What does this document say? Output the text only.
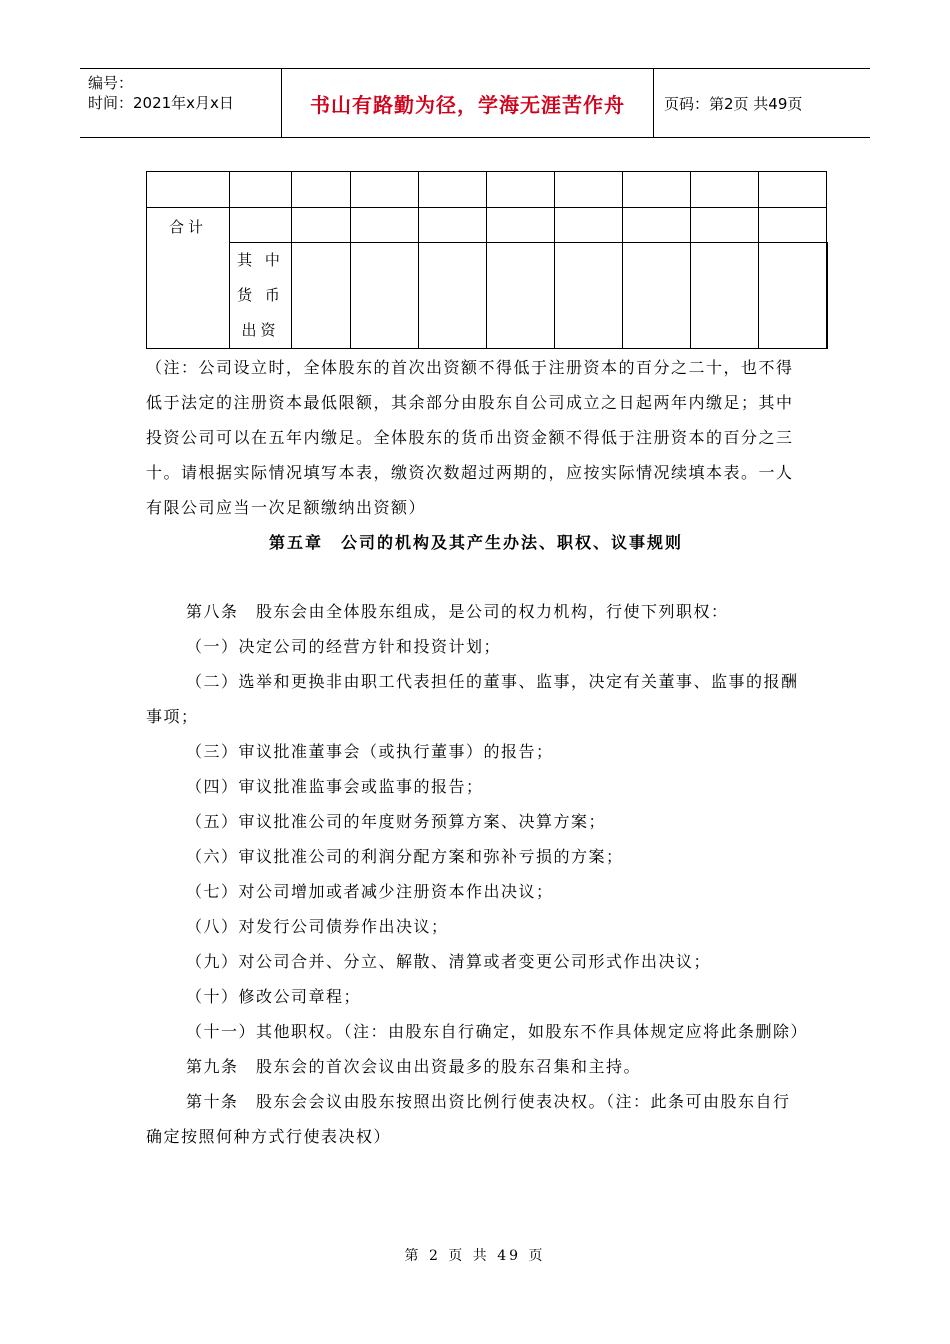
编号：
时间：2021年x月x日	书山有路勤为径，学海无涯苦作舟	页码：第2页 共49页

合计										

	其 中
货 币
出资									

（注：公司设立时，全体股东的首次出资额不得低于注册资本的百分之二十，也不得低于法定的注册资本最低限额，其余部分由股东自公司成立之日起两年内缴足；其中投资公司可以在五年内缴足。全体股东的货币出资金额不得低于注册资本的百分之三十。请根据实际情况填写本表，缴资次数超过两期的，应按实际情况续填本表。一人有限公司应当一次足额缴纳出资额）

第五章　公司的机构及其产生办法、职权、议事规则

第八条　股东会由全体股东组成，是公司的权力机构，行使下列职权：

（一）决定公司的经营方针和投资计划；

（二）选举和更换非由职工代表担任的董事、监事，决定有关董事、监事的报酬事项；

（三）审议批准董事会（或执行董事）的报告；

（四）审议批准监事会或监事的报告；

（五）审议批准公司的年度财务预算方案、决算方案；

（六）审议批准公司的利润分配方案和弥补亏损的方案；

（七）对公司增加或者减少注册资本作出决议；

（八）对发行公司债券作出决议；

（九）对公司合并、分立、解散、清算或者变更公司形式作出决议；

（十）修改公司章程；

（十一）其他职权。（注：由股东自行确定，如股东不作具体规定应将此条删除）

第九条　股东会的首次会议由出资最多的股东召集和主持。

第十条　股东会会议由股东按照出资比例行使表决权。（注：此条可由股东自行确定按照何种方式行使表决权）

第 2 页 共 49 页
